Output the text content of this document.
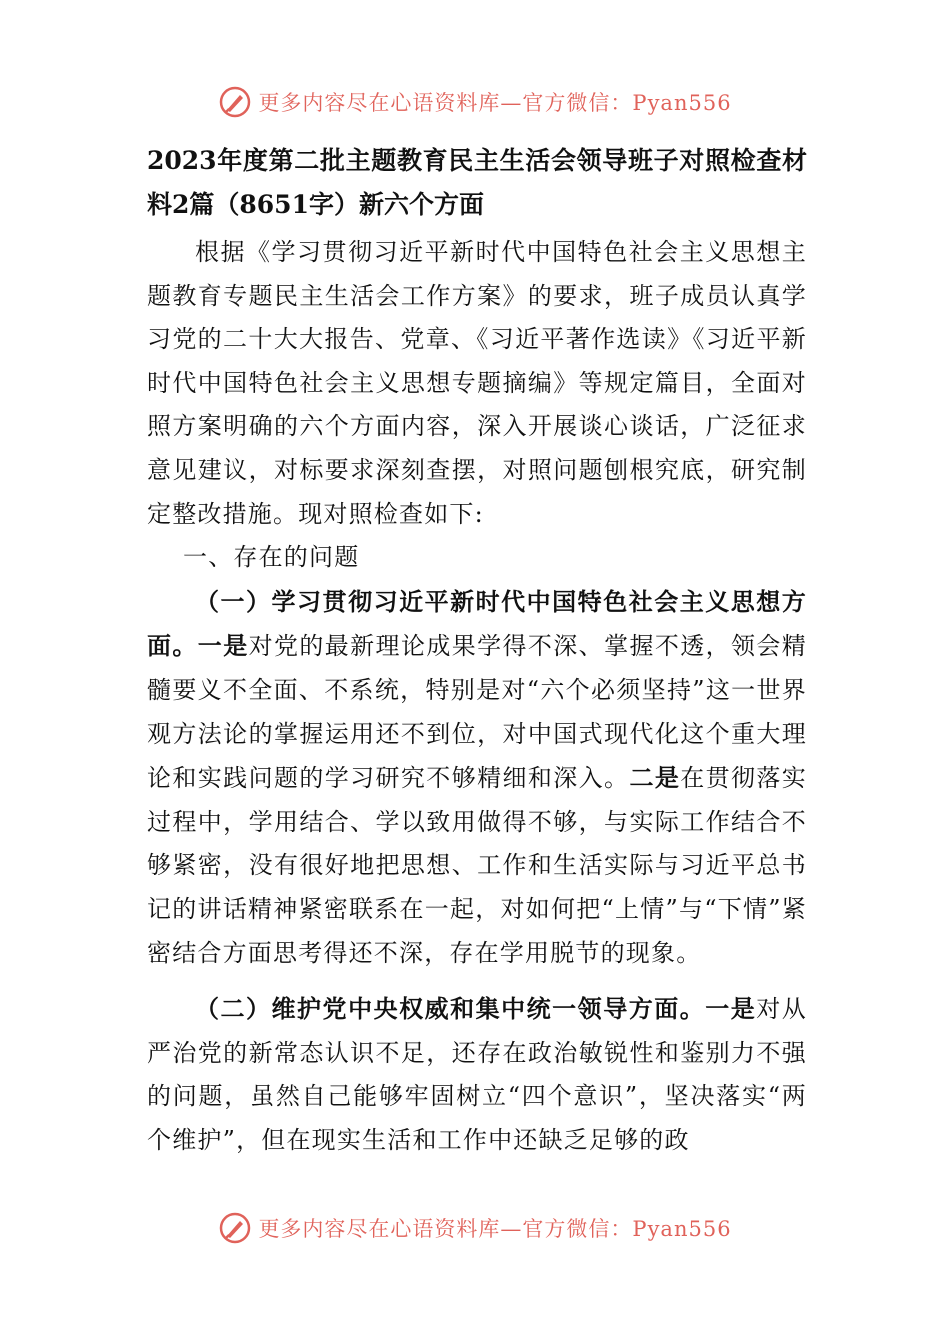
更多内容尽在心语资料库—官方微信：Pyan556
2023年度第二批主题教育民主生活会领导班子对照检查材料2篇（8651字）新六个方面

根据《学习贯彻习近平新时代中国特色社会主义思想主题教育专题民主生活会工作方案》的要求，班子成员认真学习党的二十大大报告、党章、《习近平著作选读》《习近平新时代中国特色社会主义思想专题摘编》等规定篇目，全面对照方案明确的六个方面内容，深入开展谈心谈话，广泛征求意见建议，对标要求深刻查摆，对照问题刨根究底，研究制定整改措施。现对照检查如下:

一、存在的问题

（一）学习贯彻习近平新时代中国特色社会主义思想方面。一是对党的最新理论成果学得不深、掌握不透，领会精髓要义不全面、不系统，特别是对“六个必须坚持”这一世界观方法论的掌握运用还不到位，对中国式现代化这个重大理论和实践问题的学习研究不够精细和深入。二是在贯彻落实过程中，学用结合、学以致用做得不够，与实际工作结合不够紧密，没有很好地把思想、工作和生活实际与习近平总书记的讲话精神紧密联系在一起，对如何把“上情”与“下情”紧密结合方面思考得还不深，存在学用脱节的现象。

（二）维护党中央权威和集中统一领导方面。一是对从严治党的新常态认识不足，还存在政治敏锐性和鉴别力不强的问题，虽然自己能够牢固树立“四个意识”，坚决落实“两个维护”，但在现实生活和工作中还缺乏足够的政

更多内容尽在心语资料库—官方微信：Pyan556
